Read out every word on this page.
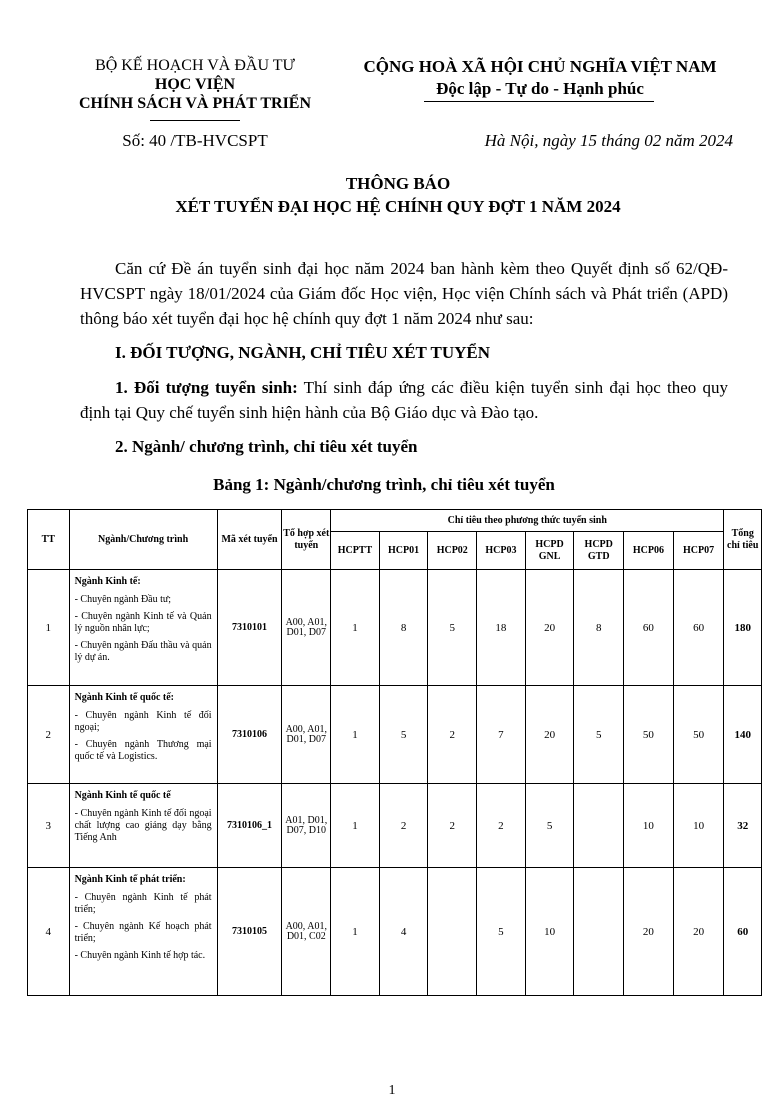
BỘ KẾ HOẠCH VÀ ĐẦU TƯ
HỌC VIỆN
CHÍNH SÁCH VÀ PHÁT TRIỂN
CỘNG HOÀ XÃ HỘI CHỦ NGHĨA VIỆT NAM
Độc lập - Tự do - Hạnh phúc
Số: 40 /TB-HVCSPT	Hà Nội, ngày 15 tháng 02 năm 2024
THÔNG BÁO
XÉT TUYỂN ĐẠI HỌC HỆ CHÍNH QUY ĐỢT 1 NĂM 2024
Căn cứ Đề án tuyển sinh đại học năm 2024 ban hành kèm theo Quyết định số 62/QĐ-HVCSPT ngày 18/01/2024 của Giám đốc Học viện, Học viện Chính sách và Phát triển (APD) thông báo xét tuyển đại học hệ chính quy đợt 1 năm 2024 như sau:
I. ĐỐI TƯỢNG, NGÀNH, CHỈ TIÊU XÉT TUYỂN
1. Đối tượng tuyển sinh: Thí sinh đáp ứng các điều kiện tuyển sinh đại học theo quy định tại Quy chế tuyển sinh hiện hành của Bộ Giáo dục và Đào tạo.
2. Ngành/ chương trình, chỉ tiêu xét tuyển
Bảng 1: Ngành/chương trình, chỉ tiêu xét tuyển
TT	Ngành/Chương trình	Mã xét tuyển	Tổ hợp xét tuyển	Chỉ tiêu theo phương thức tuyển sinh								Tổng chỉ tiêu
				HCPTT	HCP01	HCP02	HCP03	HCPD GNL	HCPD GTD	HCP06	HCP07	
1	Ngành Kinh tế:
- Chuyên ngành Đầu tư;
- Chuyên ngành Kinh tế và Quản lý nguồn nhân lực;
- Chuyên ngành Đấu thầu và quản lý dự án.	7310101	A00, A01, D01, D07	1	8	5	18	20	8	60	60	180
2	Ngành Kinh tế quốc tế:
- Chuyên ngành Kinh tế đối ngoại;
- Chuyên ngành Thương mại quốc tế và Logistics.	7310106	A00, A01, D01, D07	1	5	2	7	20	5	50	50	140
3	Ngành Kinh tế quốc tế
- Chuyên ngành Kinh tế đối ngoại chất lượng cao giảng dạy bằng Tiếng Anh	7310106_1	A01, D01, D07, D10	1	2	2	2	5		10	10	32
4	Ngành Kinh tế phát triển:
- Chuyên ngành Kinh tế phát triển;
- Chuyên ngành Kế hoạch phát triển;
- Chuyên ngành Kinh tế hợp tác.	7310105	A00, A01, D01, C02	1	4		5	10		20	20	60
1
